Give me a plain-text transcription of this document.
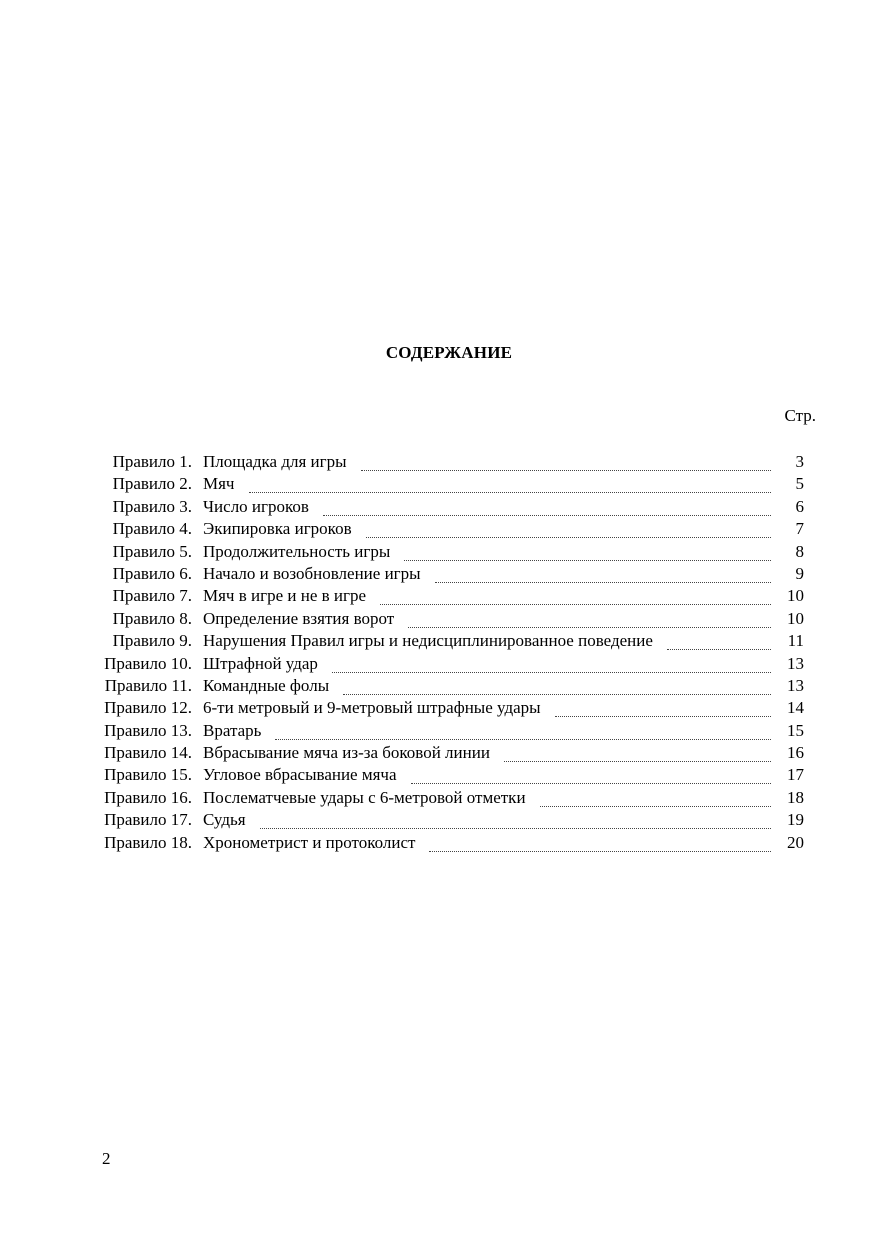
СОДЕРЖАНИЕ
Стр.
Правило 1. Площадка для игры	3
Правило 2. Мяч	5
Правило 3. Число игроков	6
Правило 4. Экипировка игроков	7
Правило 5. Продолжительность игры	8
Правило 6. Начало и возобновление игры	9
Правило 7. Мяч в игре и не в игре	10
Правило 8. Определение взятия ворот	10
Правило 9. Нарушения Правил игры и недисциплинированное поведение	11
Правило 10. Штрафной удар	13
Правило 11. Командные фолы	13
Правило 12. 6-ти метровый и 9-метровый штрафные удары	14
Правило 13. Вратарь	15
Правило 14. Вбрасывание мяча из-за боковой линии	16
Правило 15. Угловое вбрасывание мяча	17
Правило 16. Послематчевые удары с 6-метровой отметки	18
Правило 17. Судья	19
Правило 18. Хронометрист и протоколист	20
2
